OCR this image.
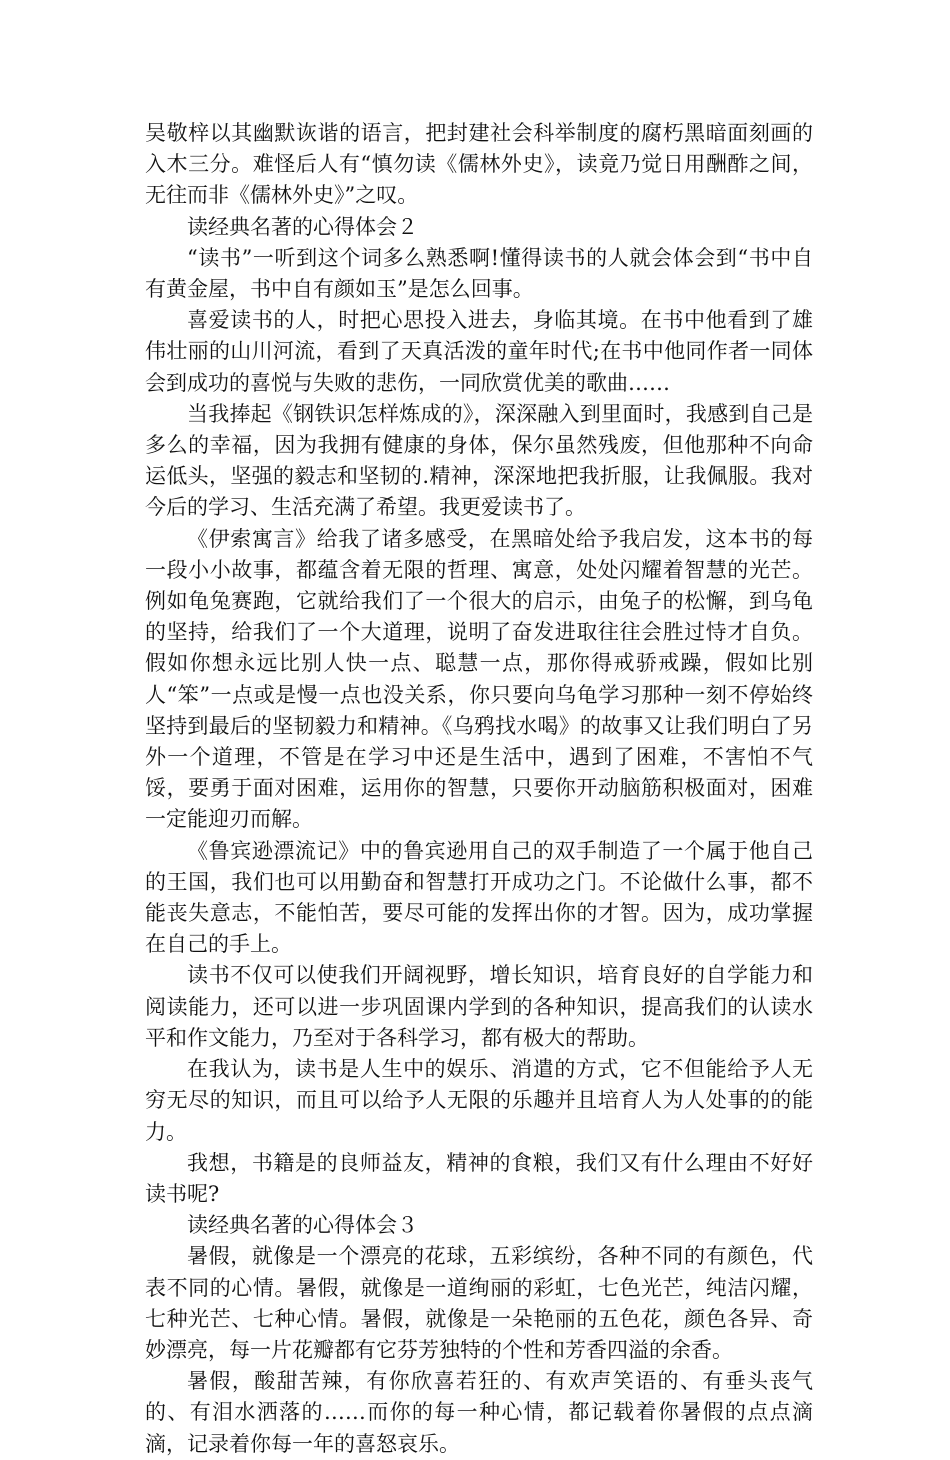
吴敬梓以其幽默诙谐的语言，把封建社会科举制度的腐朽黑暗面刻画的入木三分。难怪后人有“慎勿读《儒林外史》，读竟乃觉日用酬酢之间，无往而非《儒林外史》”之叹。

读经典名著的心得体会２

“读书”一听到这个词多么熟悉啊!懂得读书的人就会体会到“书中自有黄金屋，书中自有颜如玉”是怎么回事。

喜爱读书的人，时把心思投入进去，身临其境。在书中他看到了雄伟壮丽的山川河流，看到了天真活泼的童年时代;在书中他同作者一同体会到成功的喜悦与失败的悲伤，一同欣赏优美的歌曲……

当我捧起《钢铁识怎样炼成的》，深深融入到里面时，我感到自己是多么的幸福，因为我拥有健康的身体，保尔虽然残废，但他那种不向命运低头，坚强的毅志和坚韧的.精神，深深地把我折服，让我佩服。我对今后的学习、生活充满了希望。我更爱读书了。

《伊索寓言》给我了诸多感受，在黑暗处给予我启发，这本书的每一段小小故事，都蕴含着无限的哲理、寓意，处处闪耀着智慧的光芒。例如龟兔赛跑，它就给我们了一个很大的启示，由兔子的松懈，到乌龟的坚持，给我们了一个大道理，说明了奋发进取往往会胜过恃才自负。假如你想永远比别人快一点、聪慧一点，那你得戒骄戒躁，假如比别人“笨”一点或是慢一点也没关系，你只要向乌龟学习那种一刻不停始终坚持到最后的坚韧毅力和精神。《乌鸦找水喝》的故事又让我们明白了另外一个道理，不管是在学习中还是生活中，遇到了困难，不害怕不气馁，要勇于面对困难，运用你的智慧，只要你开动脑筋积极面对，困难一定能迎刃而解。

《鲁宾逊漂流记》中的鲁宾逊用自己的双手制造了一个属于他自己的王国，我们也可以用勤奋和智慧打开成功之门。不论做什么事，都不能丧失意志，不能怕苦，要尽可能的发挥出你的才智。因为，成功掌握在自己的手上。

读书不仅可以使我们开阔视野，增长知识，培育良好的自学能力和阅读能力，还可以进一步巩固课内学到的各种知识，提高我们的认读水平和作文能力，乃至对于各科学习，都有极大的帮助。

在我认为，读书是人生中的娱乐、消遣的方式，它不但能给予人无穷无尽的知识，而且可以给予人无限的乐趣并且培育人为人处事的的能力。

我想，书籍是的良师益友，精神的食粮，我们又有什么理由不好好读书呢?

读经典名著的心得体会３

暑假，就像是一个漂亮的花球，五彩缤纷，各种不同的有颜色，代表不同的心情。暑假，就像是一道绚丽的彩虹，七色光芒，纯洁闪耀，七种光芒、七种心情。暑假，就像是一朵艳丽的五色花，颜色各异、奇妙漂亮，每一片花瓣都有它芬芳独特的个性和芳香四溢的余香。

暑假，酸甜苦辣，有你欣喜若狂的、有欢声笑语的、有垂头丧气的、有泪水洒落的……而你的每一种心情，都记载着你暑假的点点滴滴，记录着你每一年的喜怒哀乐。
